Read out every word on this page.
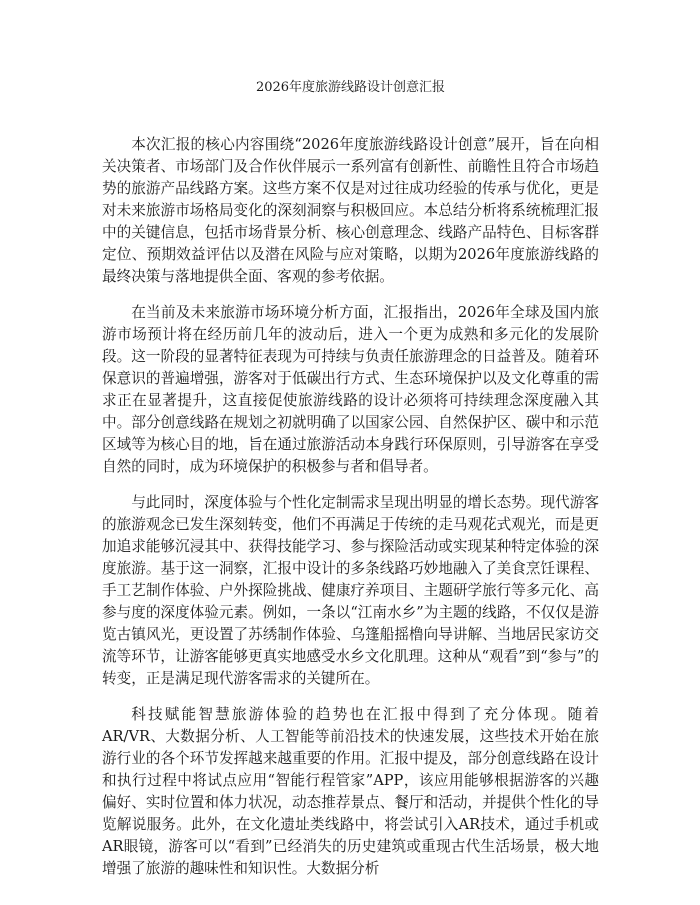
2026年度旅游线路设计创意汇报

本次汇报的核心内容围绕“2026年度旅游线路设计创意”展开，旨在向相关决策者、市场部门及合作伙伴展示一系列富有创新性、前瞻性且符合市场趋势的旅游产品线路方案。这些方案不仅是对过往成功经验的传承与优化，更是对未来旅游市场格局变化的深刻洞察与积极回应。本总结分析将系统梳理汇报中的关键信息，包括市场背景分析、核心创意理念、线路产品特色、目标客群定位、预期效益评估以及潜在风险与应对策略，以期为2026年度旅游线路的最终决策与落地提供全面、客观的参考依据。

在当前及未来旅游市场环境分析方面，汇报指出，2026年全球及国内旅游市场预计将在经历前几年的波动后，进入一个更为成熟和多元化的发展阶段。这一阶段的显著特征表现为可持续与负责任旅游理念的日益普及。随着环保意识的普遍增强，游客对于低碳出行方式、生态环境保护以及文化尊重的需求正在显著提升，这直接促使旅游线路的设计必须将可持续理念深度融入其中。部分创意线路在规划之初就明确了以国家公园、自然保护区、碳中和示范区域等为核心目的地，旨在通过旅游活动本身践行环保原则，引导游客在享受自然的同时，成为环境保护的积极参与者和倡导者。

与此同时，深度体验与个性化定制需求呈现出明显的增长态势。现代游客的旅游观念已发生深刻转变，他们不再满足于传统的走马观花式观光，而是更加追求能够沉浸其中、获得技能学习、参与探险活动或实现某种特定体验的深度旅游。基于这一洞察，汇报中设计的多条线路巧妙地融入了美食烹饪课程、手工艺制作体验、户外探险挑战、健康疗养项目、主题研学旅行等多元化、高参与度的深度体验元素。例如，一条以“江南水乡”为主题的线路，不仅仅是游览古镇风光，更设置了苏绣制作体验、乌篷船摇橹向导讲解、当地居民家访交流等环节，让游客能够更真实地感受水乡文化肌理。这种从“观看”到“参与”的转变，正是满足现代游客需求的关键所在。

科技赋能智慧旅游体验的趋势也在汇报中得到了充分体现。随着AR/VR、大数据分析、人工智能等前沿技术的快速发展，这些技术开始在旅游行业的各个环节发挥越来越重要的作用。汇报中提及，部分创意线路在设计和执行过程中将试点应用“智能行程管家”APP，该应用能够根据游客的兴趣偏好、实时位置和体力状况，动态推荐景点、餐厅和活动，并提供个性化的导览解说服务。此外，在文化遗址类线路中，将尝试引入AR技术，通过手机或AR眼镜，游客可以“看到”已经消失的历史建筑或重现古代生活场景，极大地增强了旅游的趣味性和知识性。大数据分析
